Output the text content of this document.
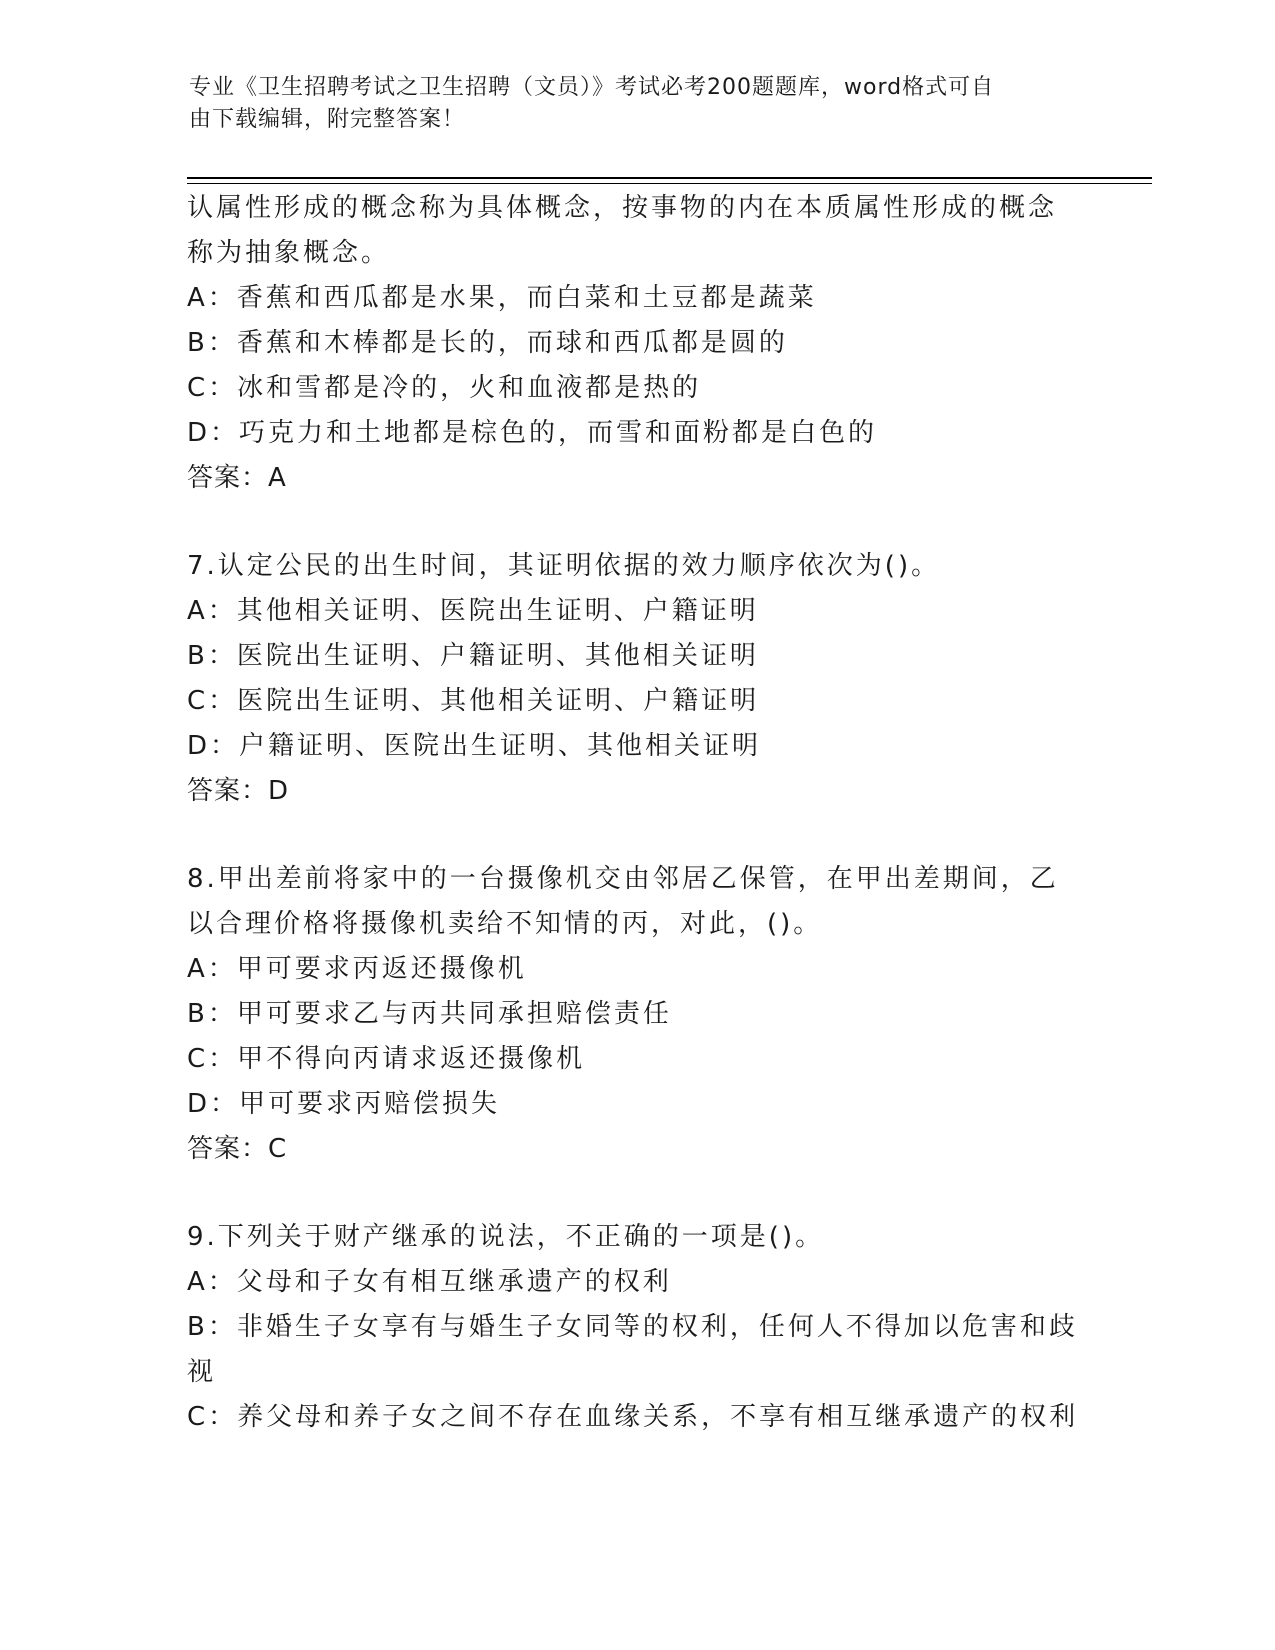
专业《卫生招聘考试之卫生招聘（文员）》考试必考200题题库，word格式可自
由下载编辑，附完整答案！
认属性形成的概念称为具体概念，按事物的内在本质属性形成的概念
称为抽象概念。
A：香蕉和西瓜都是水果，而白菜和土豆都是蔬菜
B：香蕉和木棒都是长的，而球和西瓜都是圆的
C：冰和雪都是冷的，火和血液都是热的
D：巧克力和土地都是棕色的，而雪和面粉都是白色的
答案：A
7.认定公民的出生时间，其证明依据的效力顺序依次为()。
A：其他相关证明、医院出生证明、户籍证明
B：医院出生证明、户籍证明、其他相关证明
C：医院出生证明、其他相关证明、户籍证明
D：户籍证明、医院出生证明、其他相关证明
答案：D
8.甲出差前将家中的一台摄像机交由邻居乙保管，在甲出差期间，乙
以合理价格将摄像机卖给不知情的丙，对此，()。
A：甲可要求丙返还摄像机
B：甲可要求乙与丙共同承担赔偿责任
C：甲不得向丙请求返还摄像机
D：甲可要求丙赔偿损失
答案：C
9.下列关于财产继承的说法，不正确的一项是()。
A：父母和子女有相互继承遗产的权利
B：非婚生子女享有与婚生子女同等的权利，任何人不得加以危害和歧
视
C：养父母和养子女之间不存在血缘关系，不享有相互继承遗产的权利
